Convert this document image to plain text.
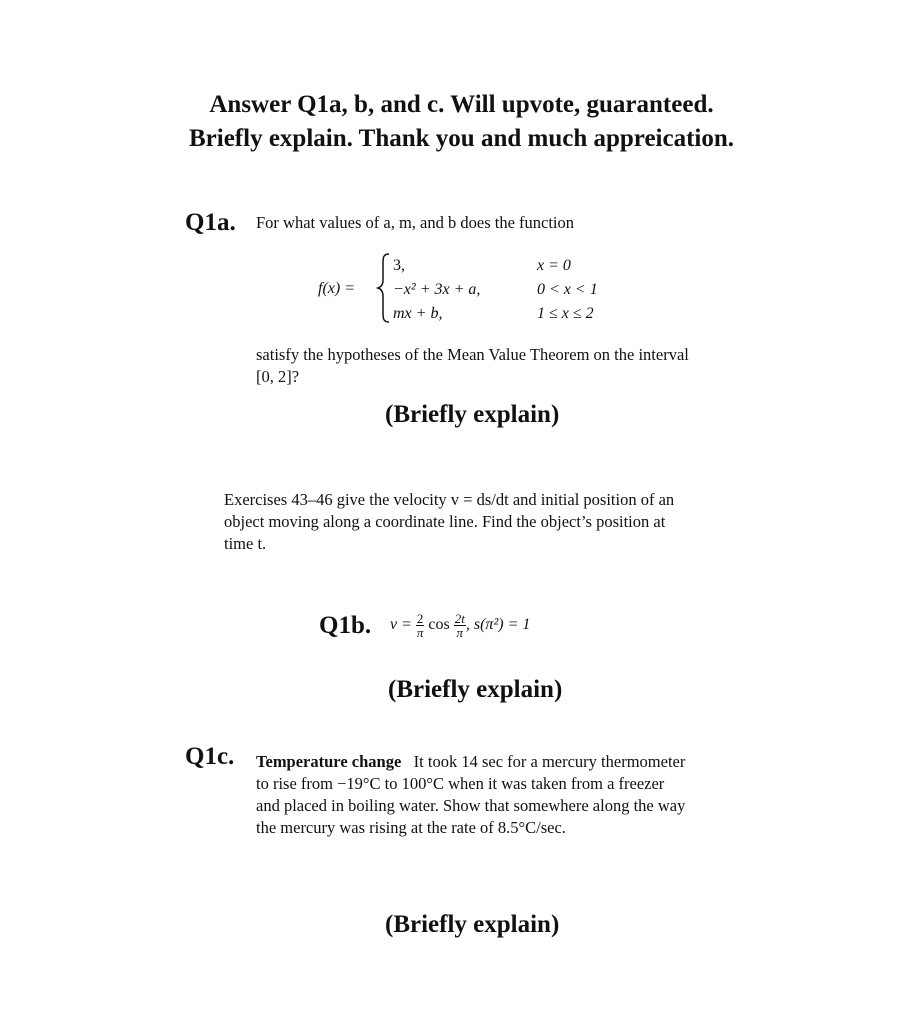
Answer Q1a, b, and c. Will upvote, guaranteed.
Briefly explain. Thank you and much appreication.
Q1a. For what values of a, m, and b does the function
f(x) =
3,
−x² + 3x + a,
mx + b,
x = 0
0 < x < 1
1 ≤ x ≤ 2
satisfy the hypotheses of the Mean Value Theorem on the interval
[0, 2]?
(Briefly explain)
Exercises 43–46 give the velocity v = ds/dt and initial position of an
object moving along a coordinate line. Find the object’s position at
time t.
Q1b. $v = \frac{2}{\pi}$ $\cos \frac{2t}{\pi}$ , s(π²) = 1
(Briefly explain)
Q1c. Temperature change It took 14 sec for a mercury thermometer
to rise from −19°C to 100°C when it was taken from a freezer
and placed in boiling water. Show that somewhere along the way
the mercury was rising at the rate of 8.5°C/sec.
(Briefly explain)
